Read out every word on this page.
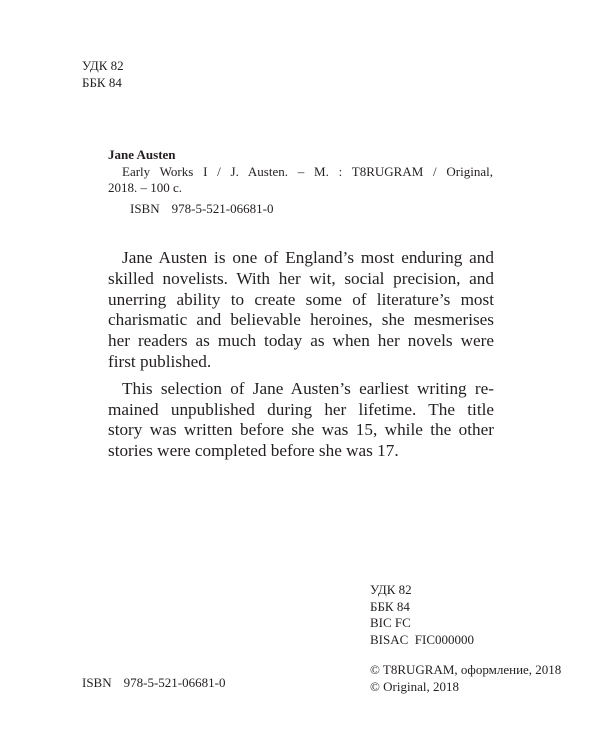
УДК 82
ББК 84
Jane Austen
Early Works I / J. Austen. – M. : T8RUGRAM / Original,
2018. – 100 с.
ISBN 978-5-521-06681-0
Jane Austen is one of England’s most enduring and
skilled novelists. With her wit, social precision, and
unerring ability to create some of literature’s most
charismatic and believable heroines, she mesmerises
her readers as much today as when her novels were
first published.
This selection of Jane Austen’s earliest writing re-
mained unpublished during her lifetime. The title
story was written before she was 15, while the other
stories were completed before she was 17.
УДК 82
ББК 84
BIC FC
BISAC  FIC000000
ISBN 978-5-521-06681-0
© T8RUGRAM, оформление, 2018
© Original, 2018
